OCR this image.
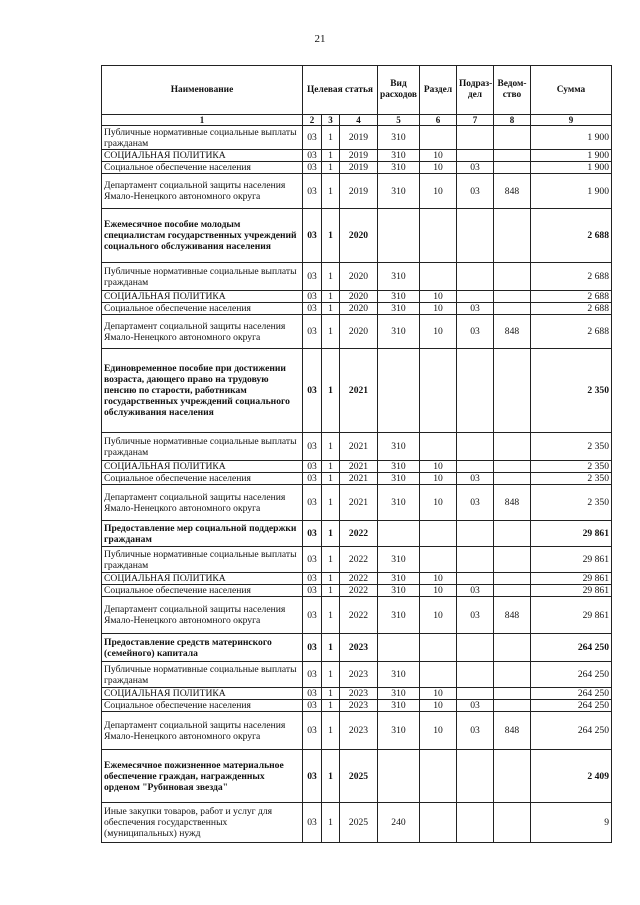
21
Наименование	Целевая статья			Вид расходов	Раздел	Подраз-дел	Ведом-ство	Сумма
1	2	3	4	5	6	7	8	9
Публичные нормативные социальные выплаты гражданам	03	1	2019	310				1 900
СОЦИАЛЬНАЯ ПОЛИТИКА	03	1	2019	310	10			1 900
Социальное обеспечение населения	03	1	2019	310	10	03		1 900
Департамент социальной защиты населения Ямало-Ненецкого автономного округа	03	1	2019	310	10	03	848	1 900
Ежемесячное пособие молодым специалистам государственных учреждений социального обслуживания населения	03	1	2020					2 688
Публичные нормативные социальные выплаты гражданам	03	1	2020	310				2 688
СОЦИАЛЬНАЯ ПОЛИТИКА	03	1	2020	310	10			2 688
Социальное обеспечение населения	03	1	2020	310	10	03		2 688
Департамент социальной защиты населения Ямало-Ненецкого автономного округа	03	1	2020	310	10	03	848	2 688
Единовременное пособие при достижении возраста, дающего право на трудовую пенсию по старости, работникам государственных учреждений социального обслуживания населения	03	1	2021					2 350
Публичные нормативные социальные выплаты гражданам	03	1	2021	310				2 350
СОЦИАЛЬНАЯ ПОЛИТИКА	03	1	2021	310	10			2 350
Социальное обеспечение населения	03	1	2021	310	10	03		2 350
Департамент социальной защиты населения Ямало-Ненецкого автономного округа	03	1	2021	310	10	03	848	2 350
Предоставление мер социальной поддержки гражданам	03	1	2022					29 861
Публичные нормативные социальные выплаты гражданам	03	1	2022	310				29 861
СОЦИАЛЬНАЯ ПОЛИТИКА	03	1	2022	310	10			29 861
Социальное обеспечение населения	03	1	2022	310	10	03		29 861
Департамент социальной защиты населения Ямало-Ненецкого автономного округа	03	1	2022	310	10	03	848	29 861
Предоставление средств материнского (семейного) капитала	03	1	2023					264 250
Публичные нормативные социальные выплаты гражданам	03	1	2023	310				264 250
СОЦИАЛЬНАЯ ПОЛИТИКА	03	1	2023	310	10			264 250
Социальное обеспечение населения	03	1	2023	310	10	03		264 250
Департамент социальной защиты населения Ямало-Ненецкого автономного округа	03	1	2023	310	10	03	848	264 250
Ежемесячное пожизненное материальное обеспечение граждан, награжденных орденом "Рубиновая звезда"	03	1	2025					2 409
Иные закупки товаров, работ и услуг для обеспечения государственных (муниципальных) нужд	03	1	2025	240				9
